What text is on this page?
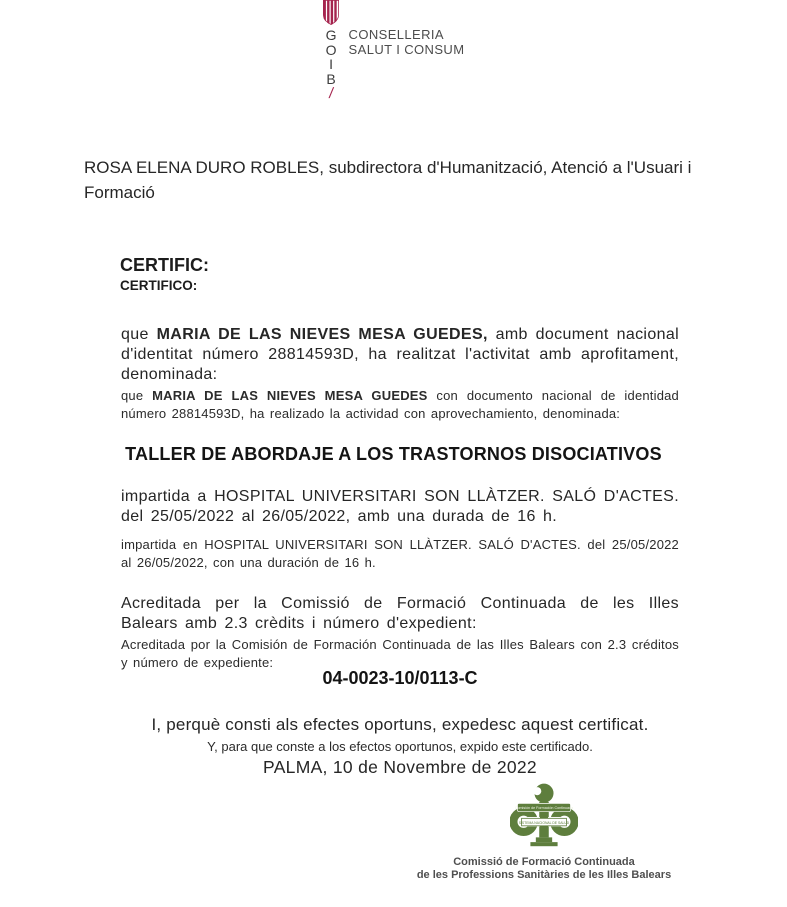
G
O
I
B
/
CONSELLERIA
SALUT I CONSUM

ROSA ELENA DURO ROBLES, subdirectora d'Humanització, Atenció a l'Usuari i Formació

CERTIFIC:

CERTIFICO:

que MARIA DE LAS NIEVES MESA GUEDES, amb document nacional d'identitat número 28814593D, ha realitzat l'activitat amb aprofitament, denominada:

que MARIA DE LAS NIEVES MESA GUEDES con documento nacional de identidad número 28814593D, ha realizado la actividad con aprovechamiento, denominada:

TALLER DE ABORDAJE A LOS TRASTORNOS DISOCIATIVOS

impartida a HOSPITAL UNIVERSITARI SON LLÀTZER. SALÓ D'ACTES. del 25/05/2022 al 26/05/2022, amb una durada de 16 h.

impartida en HOSPITAL UNIVERSITARI SON LLÀTZER. SALÓ D'ACTES. del 25/05/2022 al 26/05/2022, con una duración de 16 h.

Acreditada per la Comissió de Formació Continuada de les Illes Balears amb 2.3 crèdits i número d'expedient:

Acreditada por la Comisión de Formación Continuada de las Illes Balears con 2.3 créditos y número de expediente:

04-0023-10/0113-C

I, perquè consti als efectes oportuns, expedesc aquest certificat.

Y, para que conste a los efectos oportunos, expido este certificado.

PALMA, 10 de Novembre de 2022

Comisión de Formación Continuada
SISTEMA NACIONAL DE SALUD
Comissió de Formació Continuada
de les Professions Sanitàries de les Illes Balears
